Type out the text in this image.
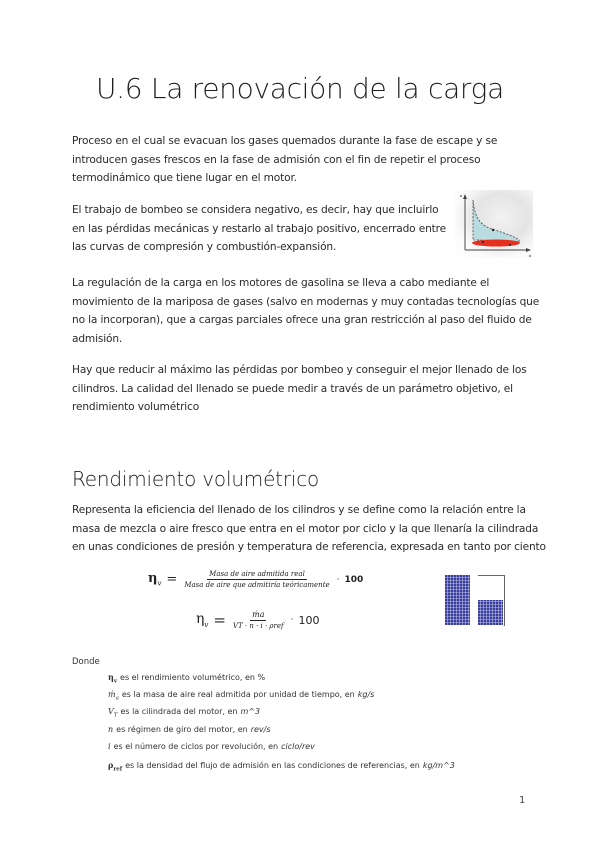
U.6 La renovación de la carga
Proceso en el cual se evacuan los gases quemados durante la fase de escape y se introducen gases frescos en la fase de admisión con el fin de repetir el proceso termodinámico que tiene lugar en el motor.
El trabajo de bombeo se considera negativo, es decir, hay que incluirlo en las pérdidas mecánicas y restarlo al trabajo positivo, encerrado entre las curvas de compresión y combustión-expansión.
La regulación de la carga en los motores de gasolina se lleva a cabo mediante el movimiento de la mariposa de gases (salvo en modernas y muy contadas tecnologías que no la incorporan), que a cargas parciales ofrece una gran restricción al paso del fluido de admisión.
Hay que reducir al máximo las pérdidas por bombeo y conseguir el mejor llenado de los cilindros. La calidad del llenado se puede medir a través de un parámetro objetivo, el rendimiento volumétrico
Rendimiento volumétrico
Representa la eficiencia del llenado de los cilindros y se define como la relación entre la masa de mezcla o aire fresco que entra en el motor por ciclo y la que llenaría la cilindrada en unas condiciones de presión y temperatura de referencia, expresada en tanto por ciento
$\eta_v = \frac{\text{Masa de aire admitida real}}{\text{Masa de aire que admitiría teóricamente}} \cdot 100$
$\eta_v = \frac{\text{ṁa}}{\text{VT · n · i · ρref}} \cdot 100$
Donde
$\eta_v$ es el rendimiento volumétrico, en %
ṁ$_a$ es la masa de aire real admitida por unidad de tiempo, en kg/s
$V_T$ es la cilindrada del motor, en m^3
n es régimen de giro del motor, en rev/s
i es el número de ciclos por revolución, en ciclo/rev
$\rho_{ref}$ es la densidad del flujo de admisión en las condiciones de referencias, en kg/m^3
1
